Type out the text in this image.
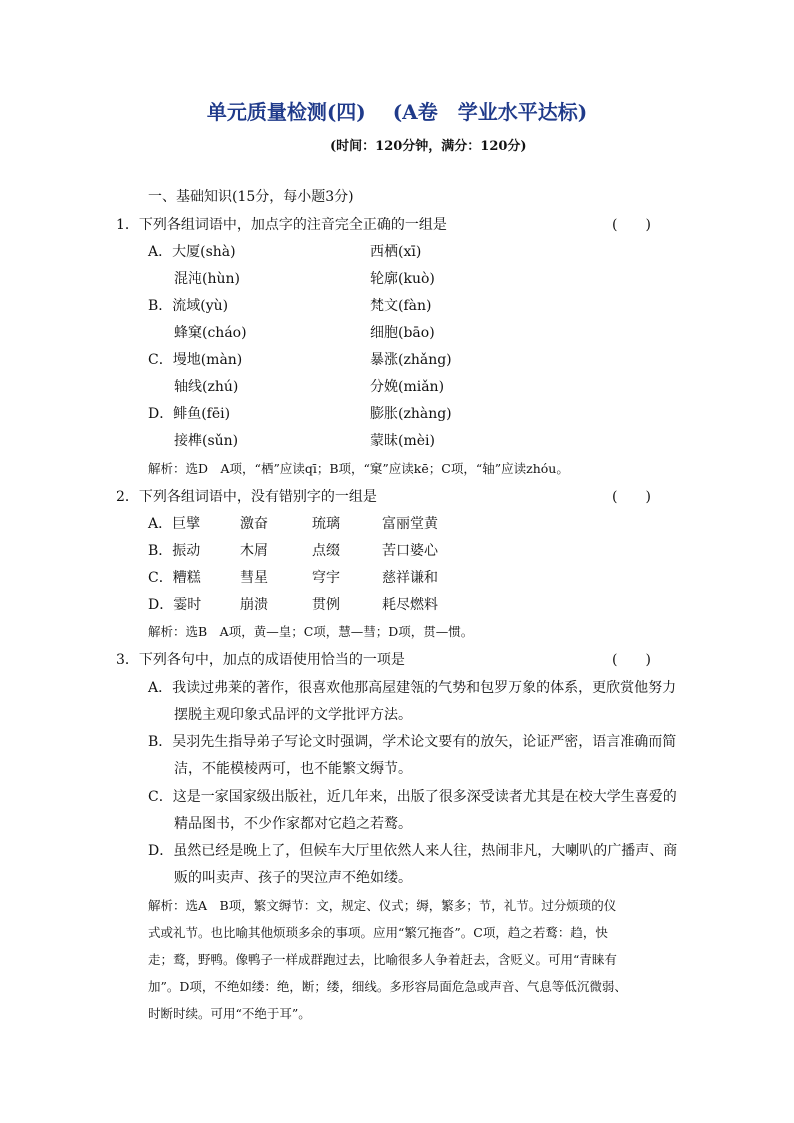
单元质量检测(四)　 (A卷　学业水平达标)
(时间：120分钟，满分：120分)
一、基础知识(15分，每小题3分)
1．下列各组词语中，加点字的注音完全正确的一组是	(　　)
A．大厦(shà)	西栖(xī)
混沌(hùn)	轮廓(kuò)
B．流域(yù)	梵文(fàn)
蜂窠(cháo)	细胞(bāo)
C．墁地(màn)	暴涨(zhǎng)
轴线(zhú)	分娩(miǎn)
D．鲱鱼(fēi)	膨胀(zhàng)
接榫(sǔn)	蒙昧(mèi)
解析：选D　A项，“栖”应读qī；B项，“窠”应读kē；C项，“轴”应读zhóu。
2．下列各组词语中，没有错别字的一组是	(　　)
A．巨擘	激奋	琉璃	富丽堂黄
B．振动	木屑	点缀	苦口婆心
C．糟糕	彗星	穹宇	慈祥谦和
D．霎时	崩溃	贯例	耗尽燃料
解析：选B　A项，黄—皇；C项，慧—彗；D项，贯—惯。
3．下列各句中，加点的成语使用恰当的一项是	(　　)
A．我读过弗莱的著作，很喜欢他那高屋建瓴的气势和包罗万象的体系，更欣赏他努力
摆脱主观印象式品评的文学批评方法。
B．吴羽先生指导弟子写论文时强调，学术论文要有的放矢，论证严密，语言准确而简
洁，不能模棱两可，也不能繁文缛节。
C．这是一家国家级出版社，近几年来，出版了很多深受读者尤其是在校大学生喜爱的
精品图书，不少作家都对它趋之若鹜。
D．虽然已经是晚上了，但候车大厅里依然人来人往，热闹非凡，大喇叭的广播声、商
贩的叫卖声、孩子的哭泣声不绝如缕。
解析：选A　B项，繁文缛节：文，规定、仪式；缛，繁多；节，礼节。过分烦琐的仪
式或礼节。也比喻其他烦琐多余的事项。应用“繁冗拖沓”。C项，趋之若鹜：趋，快
走；鹜，野鸭。像鸭子一样成群跑过去，比喻很多人争着赶去，含贬义。可用“青睐有
加”。D项，不绝如缕：绝，断；缕，细线。多形容局面危急或声音、气息等低沉微弱、
时断时续。可用“不绝于耳”。
